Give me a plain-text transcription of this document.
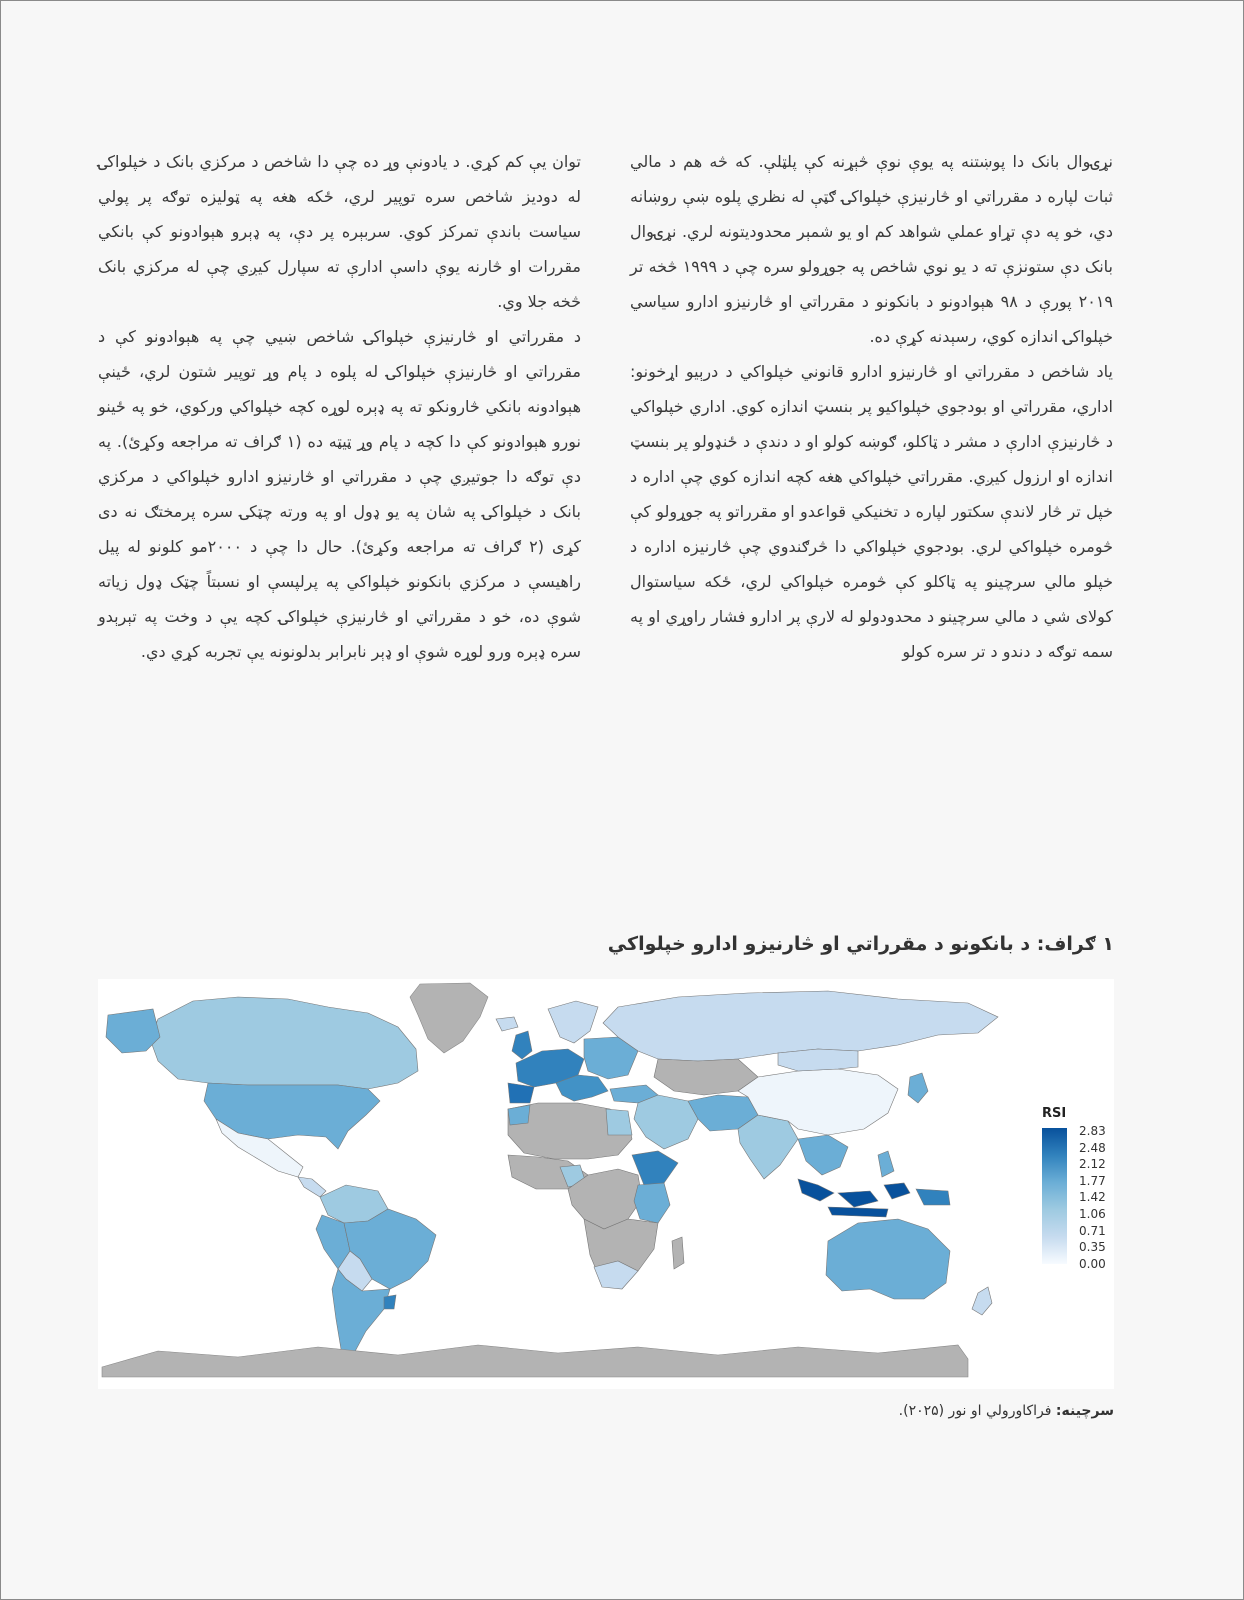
نړۍوال بانک دا پوښتنه په یوې نوې څېړنه کې پلټلې. که څه هم د مالي ثبات لپاره د مقرراتي او څارنیزې خپلواکۍ ګټې له نظري پلوه ښې روښانه دي، خو په دې تړاو عملي شواهد کم او یو شمېر محدودیتونه لري. نړۍوال بانک دې ستونزې ته د یو نوي شاخص په جوړولو سره چې د ۱۹۹۹ څخه تر ۲۰۱۹ پورې د ۹۸ هېوادونو د بانکونو د مقرراتي او څارنیزو ادارو سیاسي خپلواکۍ اندازه کوي، رسېدنه کړې ده.

یاد شاخص د مقرراتي او څارنیزو ادارو قانوني خپلواکي د درېیو اړخونو: اداري، مقرراتي او بودجوي خپلواکیو پر بنسټ اندازه کوي. اداري خپلواکي د څارنیزې ادارې د مشر د ټاکلو، ګوښه کولو او د دندې د ځنډولو پر بنسټ اندازه او ارزول کیږي. مقرراتي خپلواکي هغه کچه اندازه کوي چې اداره د خپل تر څار لاندې سکتور لپاره د تخنیکي قواعدو او مقرراتو په جوړولو کې څومره خپلواکي لري. بودجوي خپلواکي دا څرګندوي چې څارنیزه اداره د خپلو مالي سرچینو په ټاکلو کې څومره خپلواکي لري، ځکه سیاستوال کولای شي د مالي سرچینو د محدودولو له لارې پر ادارو فشار راوړي او په سمه توګه د دندو د تر سره کولو

توان یې کم کړي. د یادونې وړ ده چې دا شاخص د مرکزي بانک د خپلواکۍ له دودیز شاخص سره توپیر لري، ځکه هغه په ټولیزه توګه پر پولي سیاست باندې تمرکز کوي. سربېره پر دې، په ډېرو هېوادونو کې بانکي مقررات او څارنه یوې داسې ادارې ته سپارل کیږي چې له مرکزي بانک څخه جلا وي.

د مقرراتي او څارنیزې خپلواکۍ شاخص ښیي چې په هېوادونو کې د مقرراتي او څارنیزې خپلواکۍ له پلوه د پام وړ توپیر شتون لري، ځینې هېوادونه بانکي څارونکو ته په ډېره لوړه کچه خپلواکي ورکوي، خو په ځینو نورو هېوادونو کې دا کچه د پام وړ ټیټه ده (۱ ګراف ته مراجعه وکړئ). په دې توګه دا جوتیږي چې د مقرراتي او څارنیزو ادارو خپلواکي د مرکزي بانک د خپلواکۍ په شان په یو ډول او په ورته چټکۍ سره پرمختګ نه دی کړی (۲ ګراف ته مراجعه وکړئ). حال دا چې د ۲۰۰۰مو کلونو له پیل راهیسې د مرکزي بانکونو خپلواکي په پرلپسې او نسبتاً چټک ډول زیاته شوې ده، خو د مقرراتي او څارنیزې خپلواکۍ کچه یې د وخت په تېرېدو سره ډېره ورو لوړه شوې او ډېر نابرابر بدلونونه یې تجربه کړي دي.

۱ ګراف: د بانکونو د مقرراتي او څارنیزو ادارو خپلواکي
RSI
2.83
2.48
2.12
1.77
1.42
1.06
0.71
0.35
0.00
سرچینه: فراکاورولي او نور (۲۰۲۵).
